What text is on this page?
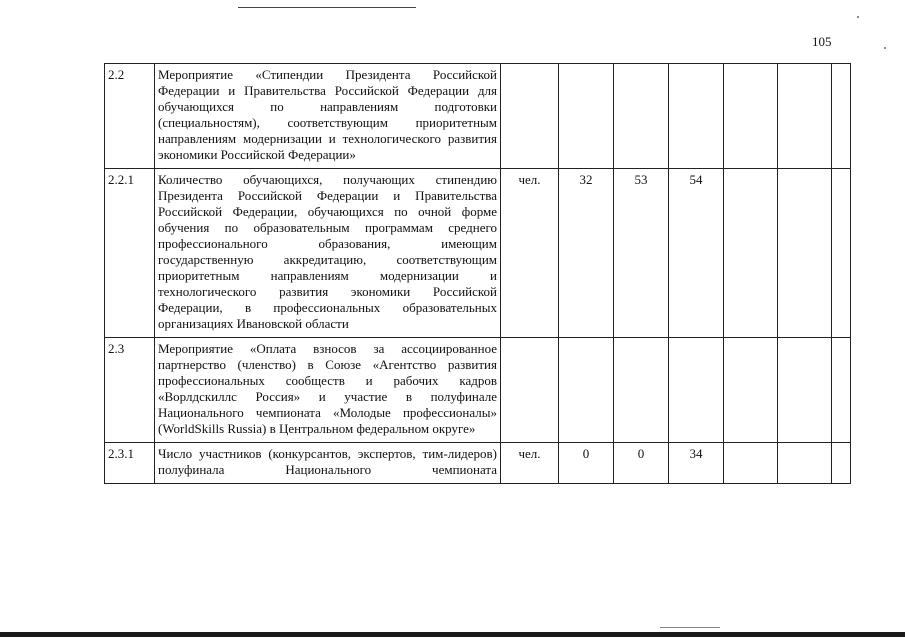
105
2.2	Мероприятие «Стипендии Президента Российской Федерации и Правительства Российской Федерации для обучающихся по направлениям подготовки (специальностям), соответствующим приоритетным направлениям модернизации и технологического развития экономики Российской Федерации»							
2.2.1	Количество обучающихся, получающих стипендию Президента Российской Федерации и Правительства Российской Федерации, обучающихся по очной форме обучения по образовательным программам среднего профессионального образования, имеющим государственную аккредитацию, соответствующим приоритетным направлениям модернизации и технологического развития экономики Российской Федерации, в профессиональных образовательных организациях Ивановской области	чел.	32	53	54			
2.3	Мероприятие «Оплата взносов за ассоциированное партнерство (членство) в Союзе «Агентство развития профессиональных сообществ и рабочих кадров «Ворлдскиллс Россия» и участие в полуфинале Национального чемпионата «Молодые профессионалы» (WorldSkills Russia) в Центральном федеральном округе»							
2.3.1	Число участников (конкурсантов, экспертов, тим-лидеров) полуфинала Национального чемпионата	чел.	0	0	34			
